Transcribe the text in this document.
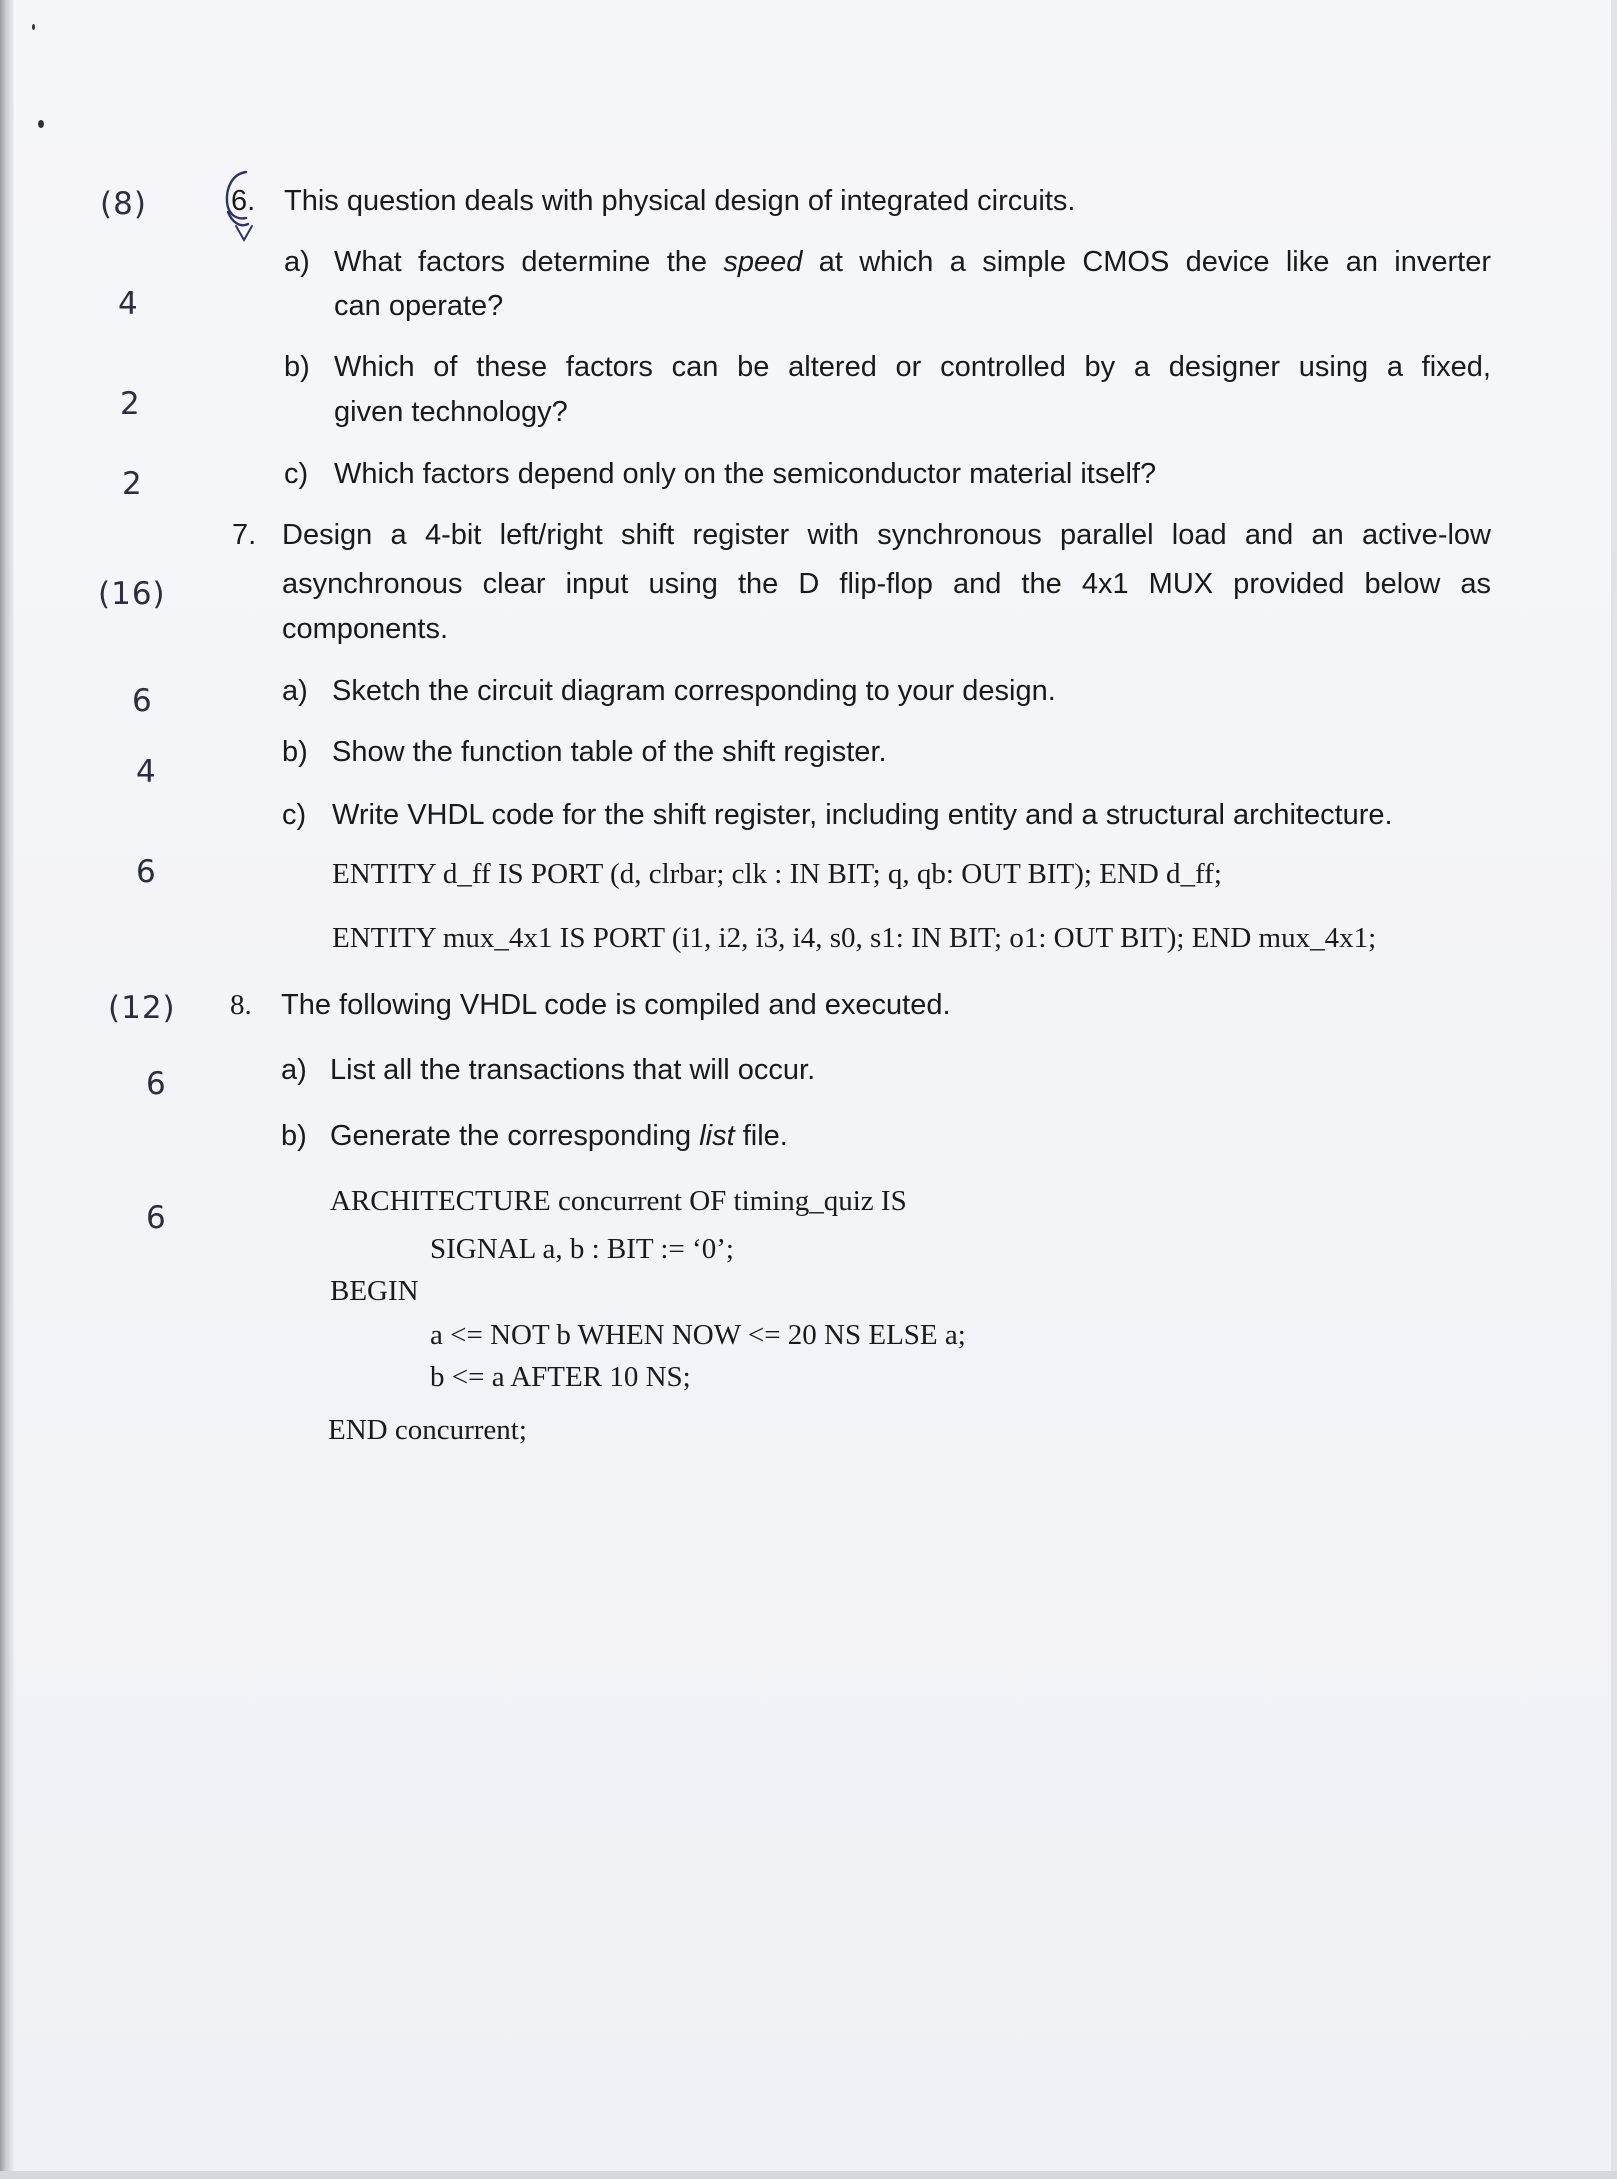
(8)
4
2
2
(16)
6
4
6
(12)
6
6
6. This question deals with physical design of integrated circuits.
a) What factors determine the speed at which a simple CMOS device like an inverter
can operate?
b) Which of these factors can be altered or controlled by a designer using a fixed,
given technology?
c) Which factors depend only on the semiconductor material itself?
7. Design a 4-bit left/right shift register with synchronous parallel load and an active-low
asynchronous clear input using the D flip-flop and the 4x1 MUX provided below as
components.
a) Sketch the circuit diagram corresponding to your design.
b) Show the function table of the shift register.
c) Write VHDL code for the shift register, including entity and a structural architecture.
ENTITY d_ff IS PORT (d, clrbar; clk : IN BIT; q, qb: OUT BIT); END d_ff;
ENTITY mux_4x1 IS PORT (i1, i2, i3, i4, s0, s1: IN BIT; o1: OUT BIT); END mux_4x1;
8. The following VHDL code is compiled and executed.
a) List all the transactions that will occur.
b) Generate the corresponding list file.
ARCHITECTURE concurrent OF timing_quiz IS
SIGNAL a, b : BIT := ‘0’;
BEGIN
a <= NOT b WHEN NOW <= 20 NS ELSE a;
b <= a AFTER 10 NS;
END concurrent;
